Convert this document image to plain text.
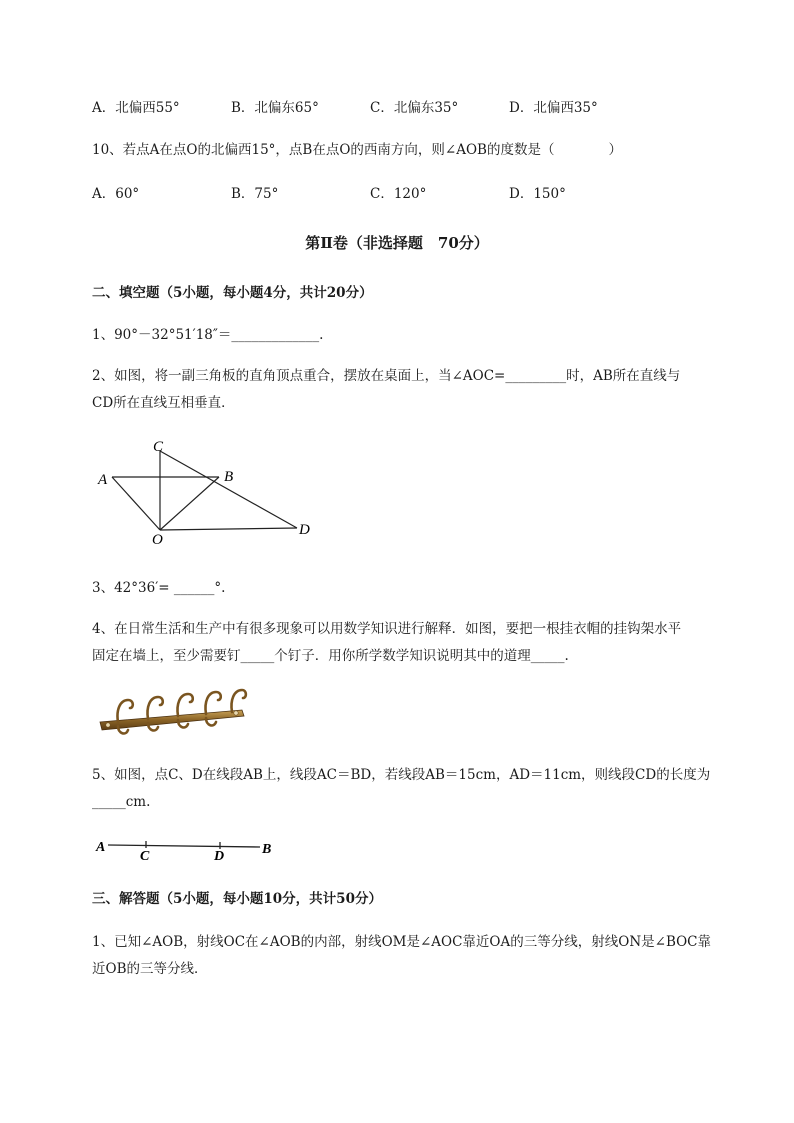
A．北偏西55°	B．北偏东65°	C．北偏东35°	D．北偏西35°
10、若点A在点O的北偏西15°，点B在点O的西南方向，则∠AOB的度数是（　　　　）
A．60°	B．75°	C．120°	D．150°
第Ⅱ卷（非选择题　70分）
二、填空题（5小题，每小题4分，共计20分）
1、90°－32°51′18″＝_____________.
2、如图，将一副三角板的直角顶点重合，摆放在桌面上，当∠AOC=_________时，AB所在直线与
CD所在直线互相垂直．
A	B
C
D
O
3、42°36′= ______°.
4、在日常生活和生产中有很多现象可以用数学知识进行解释．如图，要把一根挂衣帽的挂钩架水平
固定在墙上，至少需要钉_____个钉子．用你所学数学知识说明其中的道理_____.
5、如图，点C、D在线段AB上，线段AC＝BD，若线段AB＝15cm，AD＝11cm，则线段CD的长度为
_____cm.
A
C	D	B
三、解答题（5小题，每小题10分，共计50分）
1、已知∠AOB，射线OC在∠AOB的内部，射线OM是∠AOC靠近OA的三等分线，射线ON是∠BOC靠
近OB的三等分线．
